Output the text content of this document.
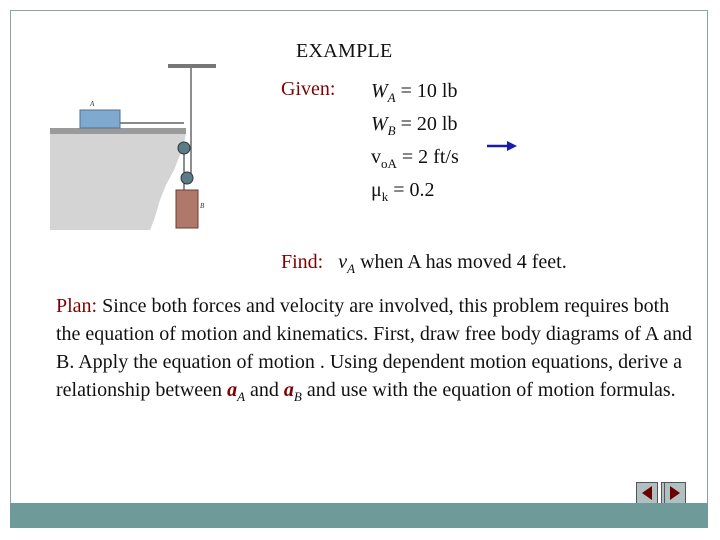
EXAMPLE
A
B
Given: $W_A = 10$ lb
$W_B = 20$ lb
$v_{oA} = 2$ ft/s
$\mu_k = 0.2$
Find: $v_A$ when A has moved 4 feet.
Plan: Since both forces and velocity are involved, this problem requires both the equation of motion and kinematics. First, draw free body diagrams of A and B. Apply the equation of motion . Using dependent motion equations, derive a relationship between $a_A$ and $a_B$ and use with the equation of motion formulas.
